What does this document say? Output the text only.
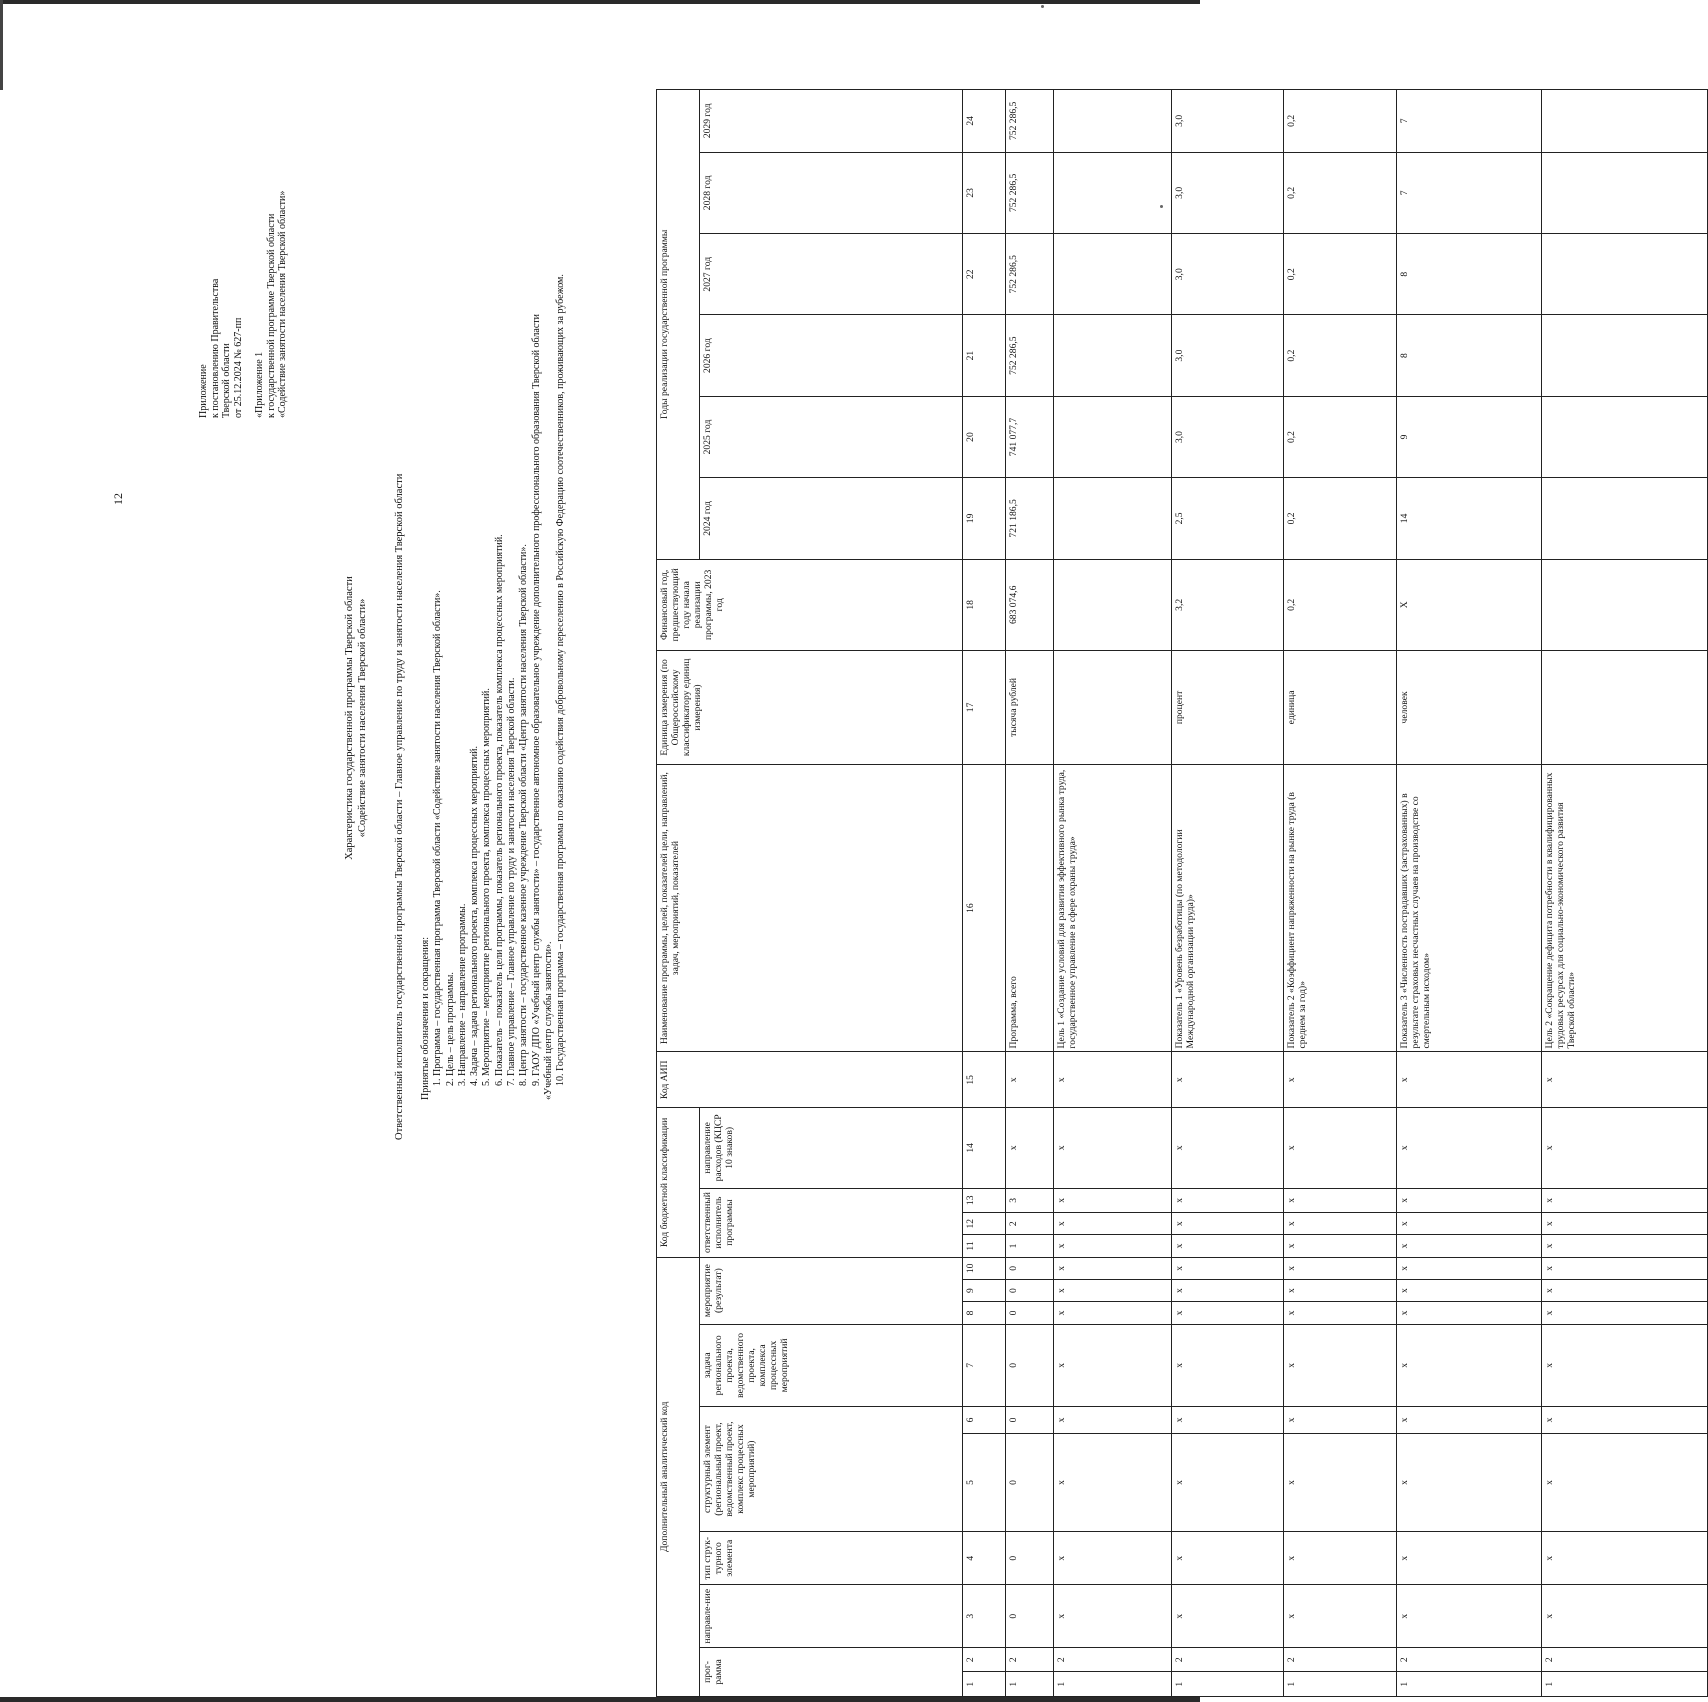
12
Приложение к постановлению Правительства Тверской области от 25.12.2024 № 627-пп «Приложение 1 к государственной программе Тверской области «Содействие занятости населения Тверской области»
Характеристика государственной программы Тверской области «Содействие занятости населения Тверской области»	Ответственный исполнитель государственной программы Тверской области – Главное управление по труду и занятости населения Тверской области Принятые обозначения и сокращения: 1. Программа – государственная программа Тверской области «Содействие занятости населения Тверской области». 2. Цель – цель программы. 3. Направление – направление программы. 4. Задача – задача регионального проекта, комплекса процессных мероприятий. 5. Мероприятие – мероприятие регионального проекта, комплекса процессных мероприятий. 6. Показатель – показатель цели программы, показатель регионального проекта, показатель комплекса процессных мероприятий. 7. Главное управление – Главное управление по труду и занятости населения Тверской области. 8. Центр занятости – государственное казенное учреждение Тверской области «Центр занятости населения Тверской области». 9. ГАОУ ДПО «Учебный центр службы занятости» – государственное автономное образовательное учреждение дополнительного профессионального образования Тверской области «Учебный центр службы занятости». 10. Государственная программа – государственная программа по оказанию содействия добровольному переселению в Российскую Федерацию соотечественников, проживающих за рубежом.
Дополнительный аналитический код										Код бюджетной классификации				Код АИП	Наименование программы, целей, показателей цели, направлений, задач, мероприятий, показателей	Единица измерения (по Общероссийскому классификатору единиц измерения)	Финансовый год, предшествующий году начала реализации программы, 2023 год	Годы реализации государственной программы					
прог-рамма		направле-ние	тип струк-турного элемента	структурный элемент (региональный проект, ведомственный проект, комплекс процессных мероприятий)		задача регионального проекта, ведомственного проекта, комплекса процессных мероприятий	мероприятие (результат)			ответственный исполнитель программы			направление расходов (КЦСР 10 знаков)					2024 год	2025 год	2026 год	2027 год	2028 год	2029 год

1	2	3	4	5	6	7	8	9	10	11	12	13	14	15	16	17	18	19	20	21	22	23	24
1	2	0	0	0	0	0	0	0	0	1	2	3	х	х	Программа, всего	тысяча рублей	683 074,6	721 186,5	741 077,7	752 286,5	752 286,5	752 286,5	752 286,5
1	2	х	х	х	х	х	х	х	х	х	х	х	х	х	Цель 1 «Создание условий для развития эффективного рынка труда, государственное управление в сфере охраны труда»								
1	2	х	х	х	х	х	х	х	х	х	х	х	х	х	Показатель 1 «Уровень безработицы (по методологии Международной организации труда)»	процент	3,2	2,5	3,0	3,0	3,0	3,0	3,0
1	2	х	х	х	х	х	х	х	х	х	х	х	х	х	Показатель 2 «Коэффициент напряженности на рынке труда (в среднем за год)»	единица	0,2	0,2	0,2	0,2	0,2	0,2	0,2
1	2	х	х	х	х	х	х	х	х	х	х	х	х	х	Показатель 3 «Численность пострадавших (застрахованных) в результате страховых несчастных случаев на производстве со смертельным исходом»	человек	Х	14	9	8	8	7	7
1	2	х	х	х	х	х	х	х	х	х	х	х	х	х	Цель 2 «Сокращение дефицита потребности в квалифицированных трудовых ресурсах для социально-экономического развития Тверской области»								
